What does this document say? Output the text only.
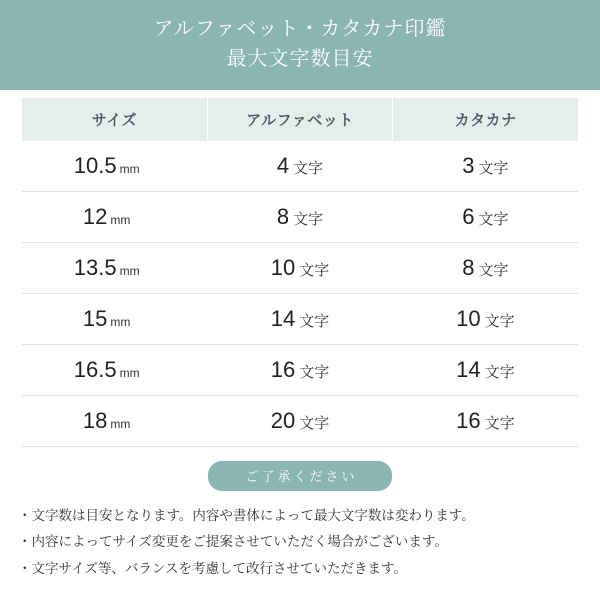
アルファベット・カタカナ印鑑
最大文字数目安
サイズ	アルファベット	カタカナ
10.5 mm	4 文字	3 文字
12 mm	8 文字	6 文字
13.5 mm	10 文字	8 文字
15 mm	14 文字	10 文字
16.5 mm	16 文字	14 文字
18 mm	20 文字	16 文字
ご了承ください
・文字数は目安となります。内容や書体によって最大文字数は変わります。
・内容によってサイズ変更をご提案させていただく場合がございます。
・文字サイズ等、バランスを考慮して改行させていただきます。
